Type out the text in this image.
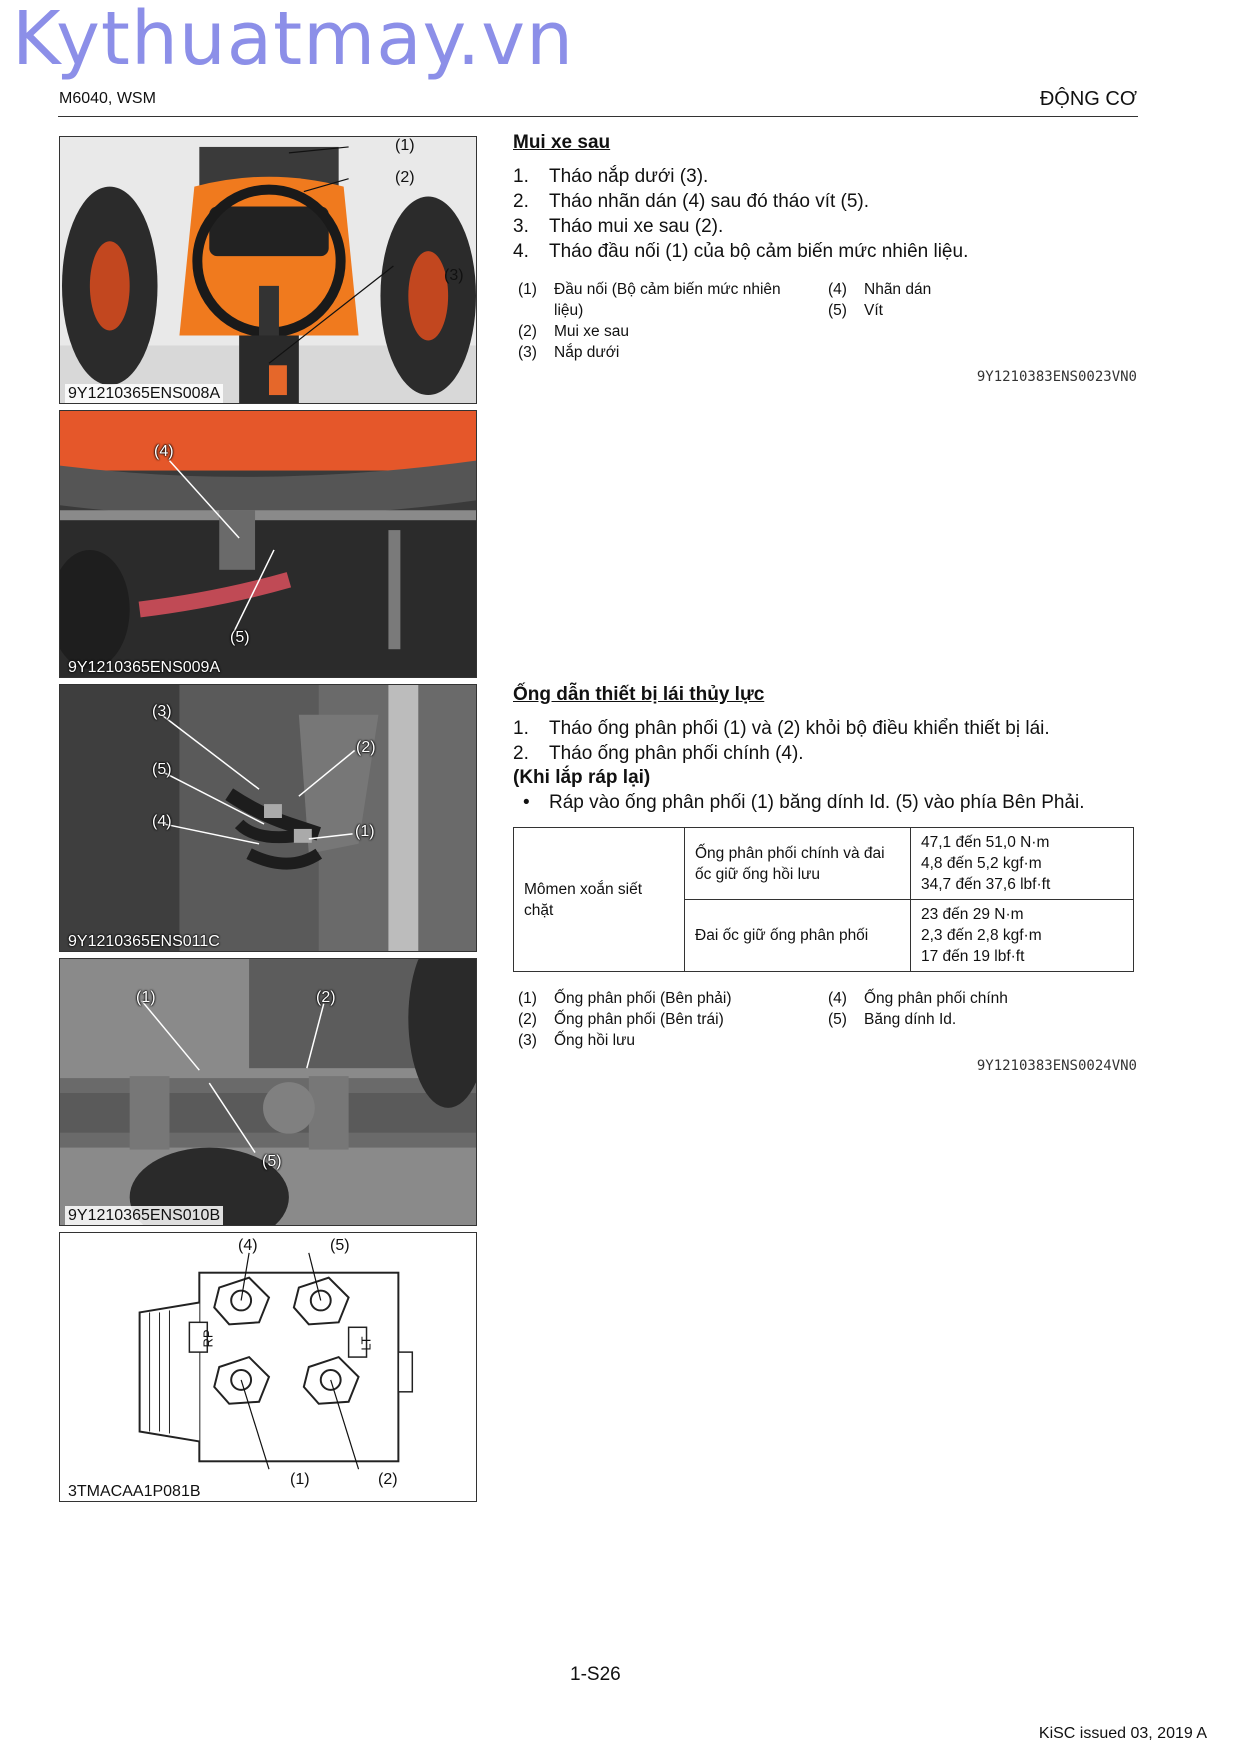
Kythuatmay.vn
M6040, WSM	ĐỘNG CƠ
(1)
(2)
(3)
9Y1210365ENS008A
(4)
(5)
9Y1210365ENS009A
(3)
(2)
(5)
(4)
(1)
9Y1210365ENS011C
(1)	(2)
(5)
9Y1210365ENS010B
(4)	(5)
(1)	(2)
RP	LT
3TMACAA1P081B
Mui xe sau
1. Tháo nắp dưới (3).
2. Tháo nhãn dán (4) sau đó tháo vít (5).
3. Tháo mui xe sau (2).
4. Tháo đầu nối (1) của bộ cảm biến mức nhiên liệu.
(1) Đầu nối (Bộ cảm biến mức nhiên liệu)
(2) Mui xe sau
(3) Nắp dưới
(4) Nhãn dán
(5) Vít
9Y1210383ENS0023VN0
Ống dẫn thiết bị lái thủy lực
1. Tháo ống phân phối (1) và (2) khỏi bộ điều khiển thiết bị lái.
2. Tháo ống phân phối chính (4).
(Khi lắp ráp lại)
•	Ráp vào ống phân phối (1) băng dính Id. (5) vào phía Bên Phải.
Mômen xoắn siết chặt	Ống phân phối chính và đai ốc giữ ống hồi lưu	47,1 đến 51,0 N·m
4,8 đến 5,2 kgf·m
34,7 đến 37,6 lbf·ft

	Đai ốc giữ ống phân phối	23 đến 29 N·m
2,3 đến 2,8 kgf·m
17 đến 19 lbf·ft
(1) Ống phân phối (Bên phải)
(2) Ống phân phối (Bên trái)
(3) Ống hồi lưu
(4) Ống phân phối chính
(5) Băng dính Id.
9Y1210383ENS0024VN0
1-S26
KiSC issued 03, 2019 A
